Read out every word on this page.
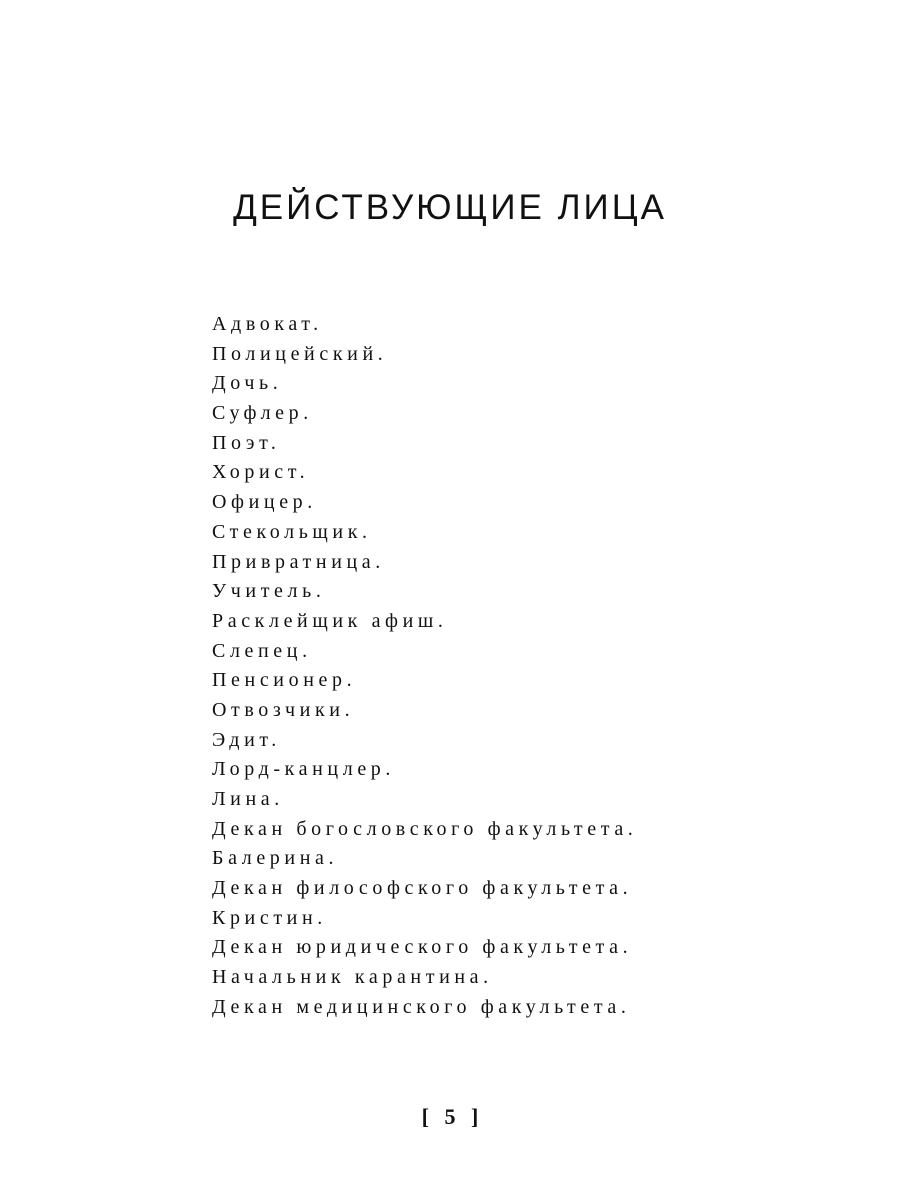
ДЕЙСТВУЮЩИЕ ЛИЦА
Адвокат.
Полицейский.
Дочь.
Суфлер.
Поэт.
Хорист.
Офицер.
Стекольщик.
Привратница.
Учитель.
Расклейщик афиш.
Слепец.
Пенсионер.
Отвозчики.
Эдит.
Лорд-канцлер.
Лина.
Декан богословского факультета.
Балерина.
Декан философского факультета.
Кристин.
Декан юридического факультета.
Начальник карантина.
Декан медицинского факультета.
[ 5 ]
